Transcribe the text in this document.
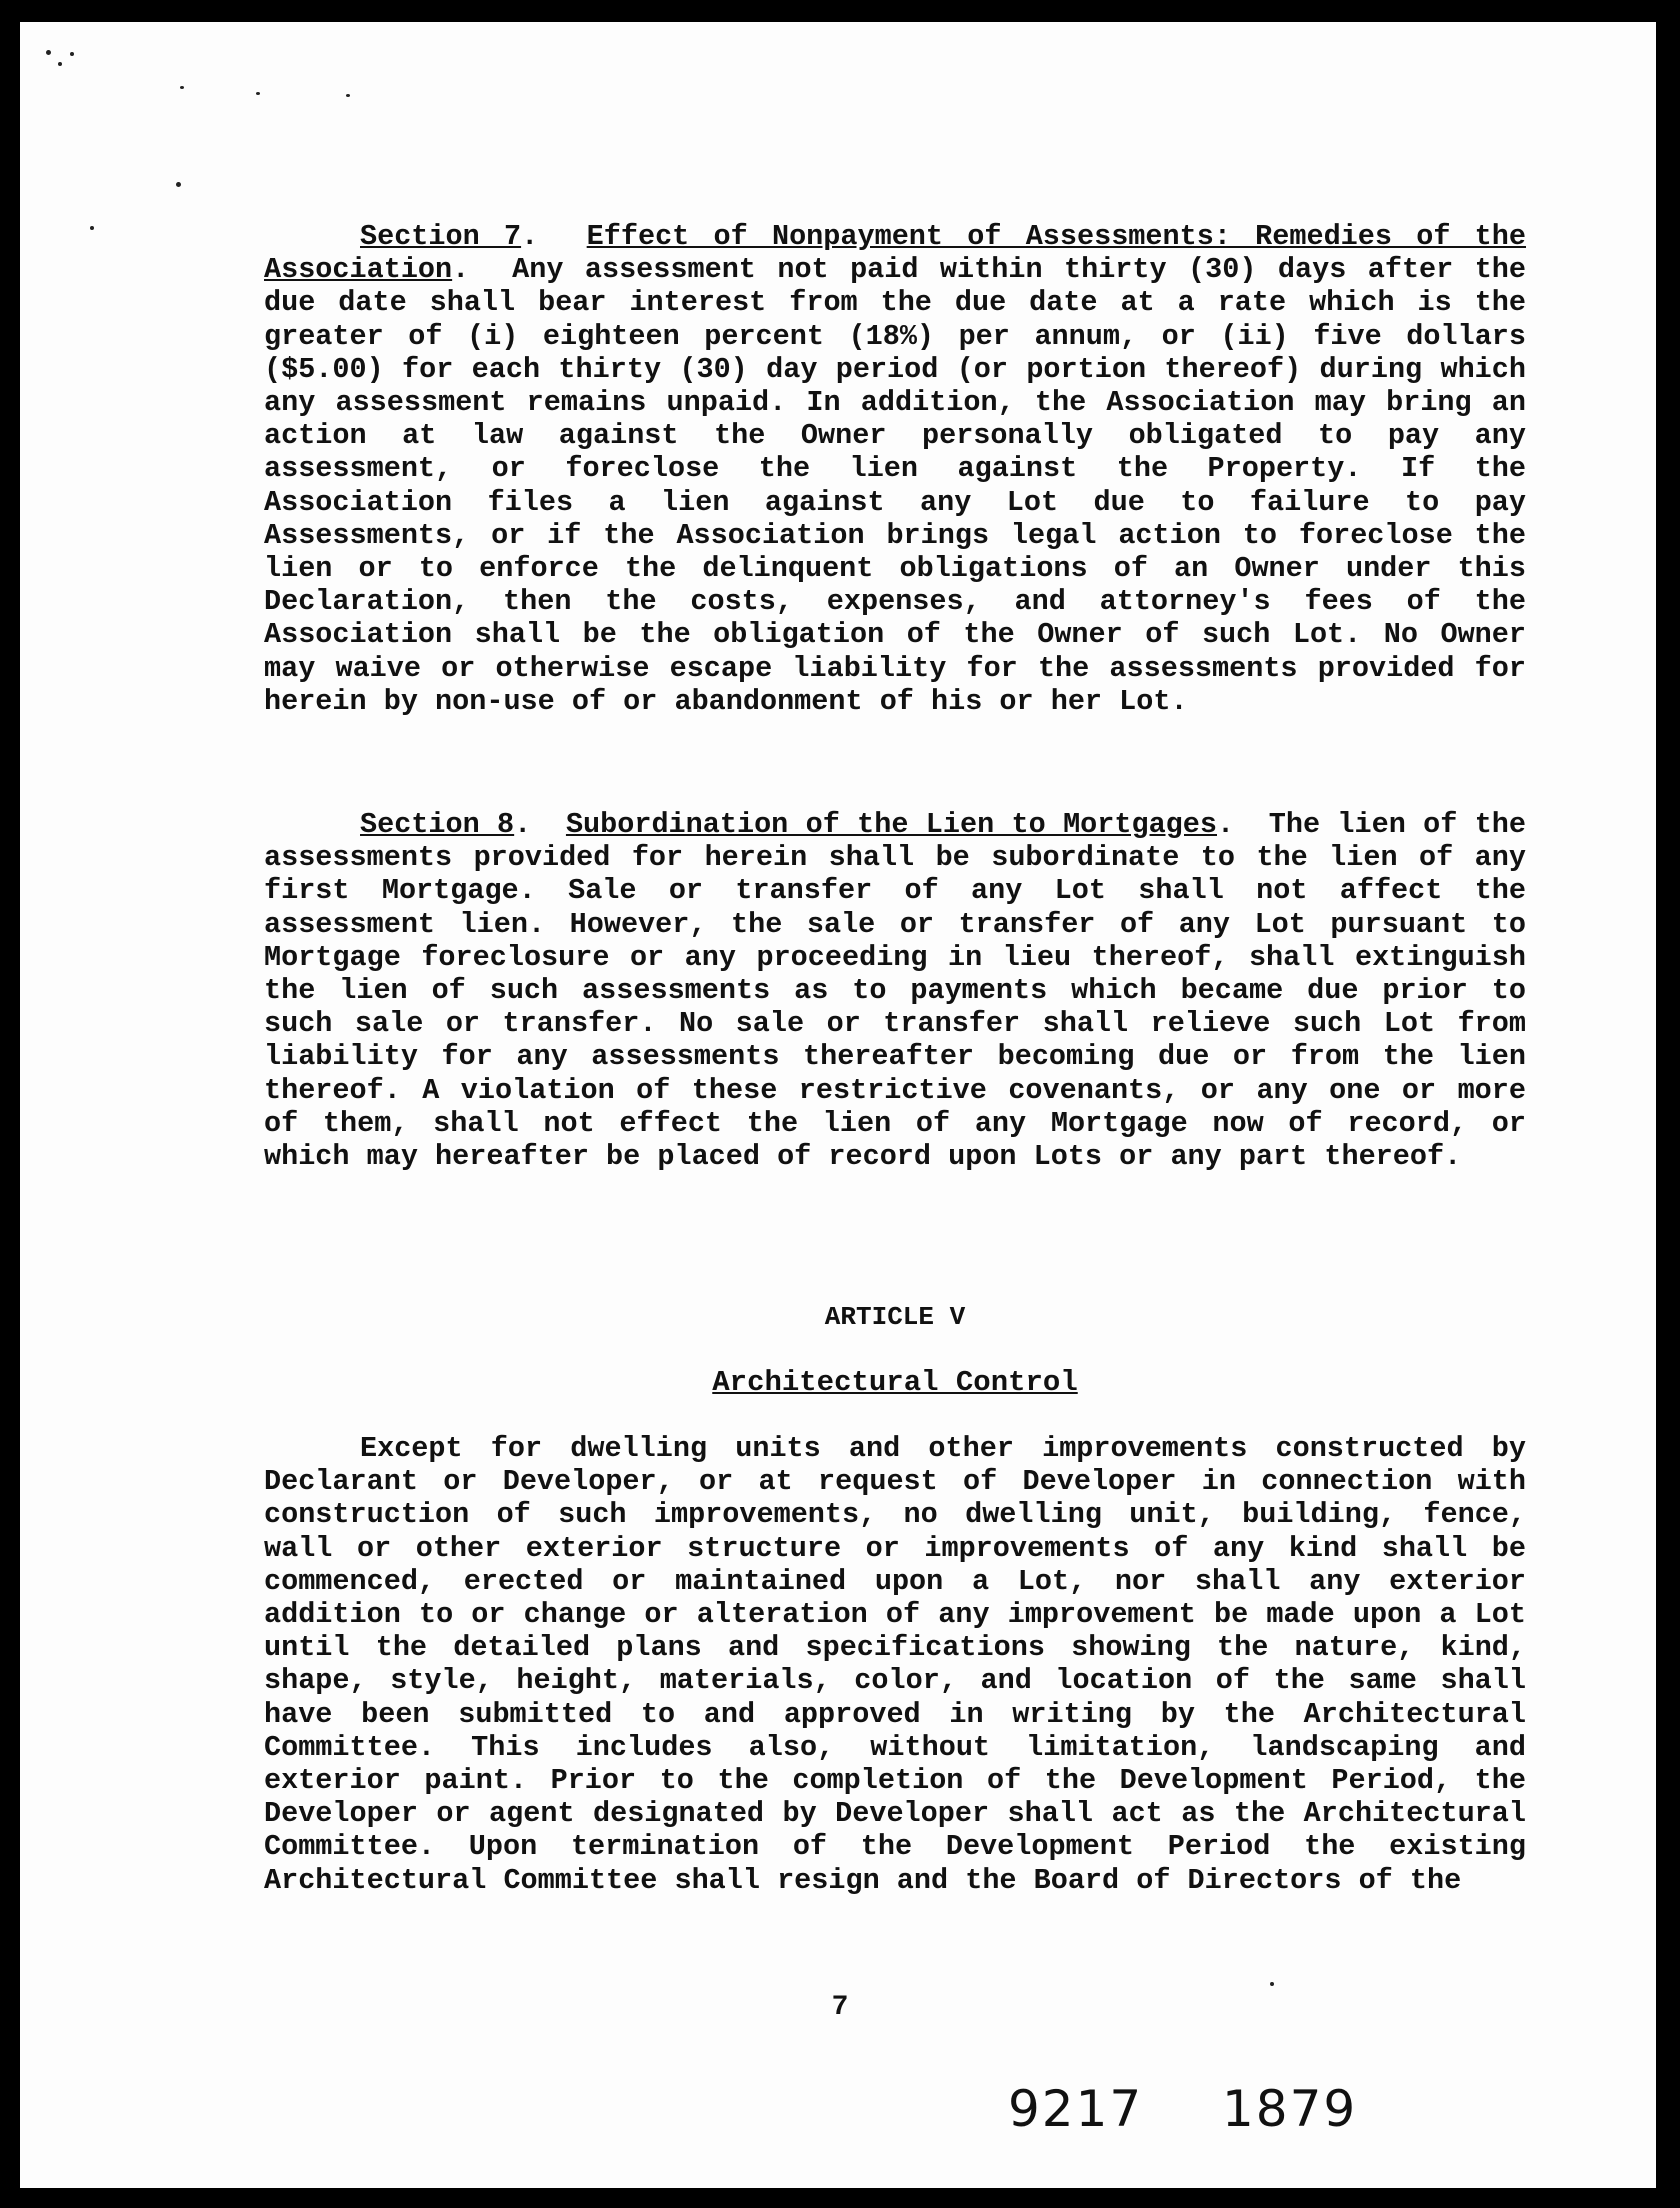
Section 7.  Effect of Nonpayment of Assessments: Remedies of the Association.  Any assessment not paid within thirty (30) days after the due date shall bear interest from the due date at a rate which is the greater of (i) eighteen percent (18%) per annum, or (ii) five dollars ($5.00) for each thirty (30) day period (or portion thereof) during which any assessment remains unpaid. In addition, the Association may bring an action at law against the Owner personally obligated to pay any assessment, or foreclose the lien against the Property. If the Association files a lien against any Lot due to failure to pay Assessments, or if the Association brings legal action to foreclose the lien or to enforce the delinquent obligations of an Owner under this Declaration, then the costs, expenses, and attorney's fees of the Association shall be the obligation of the Owner of such Lot. No Owner may waive or otherwise escape liability for the assessments provided for herein by non-use of or abandonment of his or her Lot.

Section 8.  Subordination of the Lien to Mortgages.  The lien of the assessments provided for herein shall be subordinate to the lien of any first Mortgage. Sale or transfer of any Lot shall not affect the assessment lien. However, the sale or transfer of any Lot pursuant to Mortgage foreclosure or any proceeding in lieu thereof, shall extinguish the lien of such assessments as to payments which became due prior to such sale or transfer. No sale or transfer shall relieve such Lot from liability for any assessments thereafter becoming due or from the lien thereof. A violation of these restrictive covenants, or any one or more of them, shall not effect the lien of any Mortgage now of record, or which may hereafter be placed of record upon Lots or any part thereof.

ARTICLE V
Architectural Control

Except for dwelling units and other improvements constructed by Declarant or Developer, or at request of Developer in connection with construction of such improvements, no dwelling unit, building, fence, wall or other exterior structure or improvements of any kind shall be commenced, erected or maintained upon a Lot, nor shall any exterior addition to or change or alteration of any improvement be made upon a Lot until the detailed plans and specifications showing the nature, kind, shape, style, height, materials, color, and location of the same shall have been submitted to and approved in writing by the Architectural Committee. This includes also, without limitation, landscaping and exterior paint. Prior to the completion of the Development Period, the Developer or agent designated by Developer shall act as the Architectural Committee. Upon termination of the Development Period the existing Architectural Committee shall resign and the Board of Directors of the

7
9217 1879
